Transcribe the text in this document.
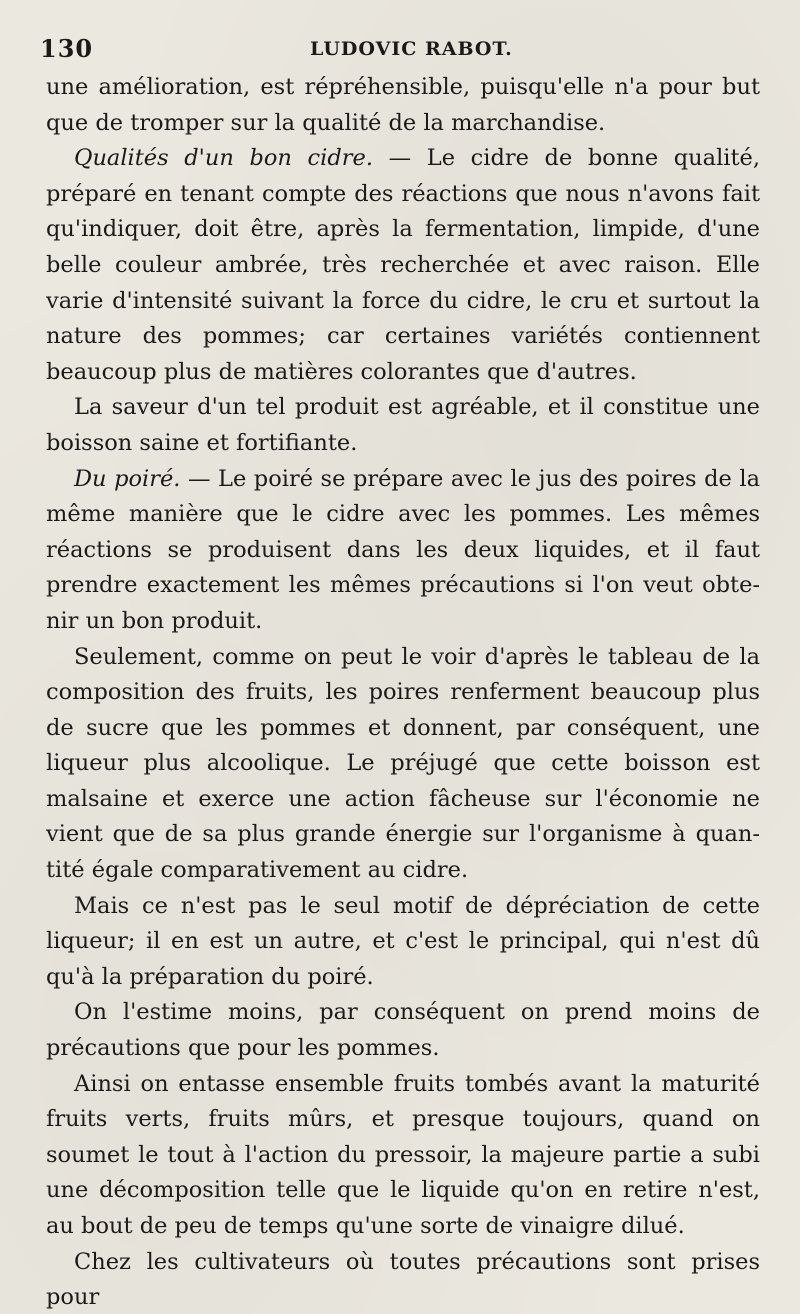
130	LUDOVIC RABOT.

une amélioration, est répréhensible, puisqu'elle n'a pour but que de tromper sur la qualité de la marchandise.

Qualités d'un bon cidre. — Le cidre de bonne qualité, préparé en tenant compte des réactions que nous n'avons fait qu'indiquer, doit être, après la fermentation, limpide, d'une belle couleur ambrée, très recherchée et avec raison. Elle varie d'intensité suivant la force du cidre, le cru et surtout la nature des pommes; car certaines variétés contiennent beaucoup plus de matières colorantes que d'autres.

La saveur d'un tel produit est agréable, et il constitue une boisson saine et fortifiante.

Du poiré. — Le poiré se prépare avec le jus des poires de la même manière que le cidre avec les pommes. Les mêmes réactions se produisent dans les deux liquides, et il faut prendre exactement les mêmes précautions si l'on veut obtenir un bon produit.

Seulement, comme on peut le voir d'après le tableau de la composition des fruits, les poires renferment beaucoup plus de sucre que les pommes et donnent, par conséquent, une liqueur plus alcoolique. Le préjugé que cette boisson est malsaine et exerce une action fâcheuse sur l'économie ne vient que de sa plus grande énergie sur l'organisme à quantité égale comparativement au cidre.

Mais ce n'est pas le seul motif de dépréciation de cette liqueur; il en est un autre, et c'est le principal, qui n'est dû qu'à la préparation du poiré.

On l'estime moins, par conséquent on prend moins de précautions que pour les pommes.

Ainsi on entasse ensemble fruits tombés avant la maturité fruits verts, fruits mûrs, et presque toujours, quand on soumet le tout à l'action du pressoir, la majeure partie a subi une décomposition telle que le liquide qu'on en retire n'est, au bout de peu de temps qu'une sorte de vinaigre dilué.

Chez les cultivateurs où toutes précautions sont prises pour
